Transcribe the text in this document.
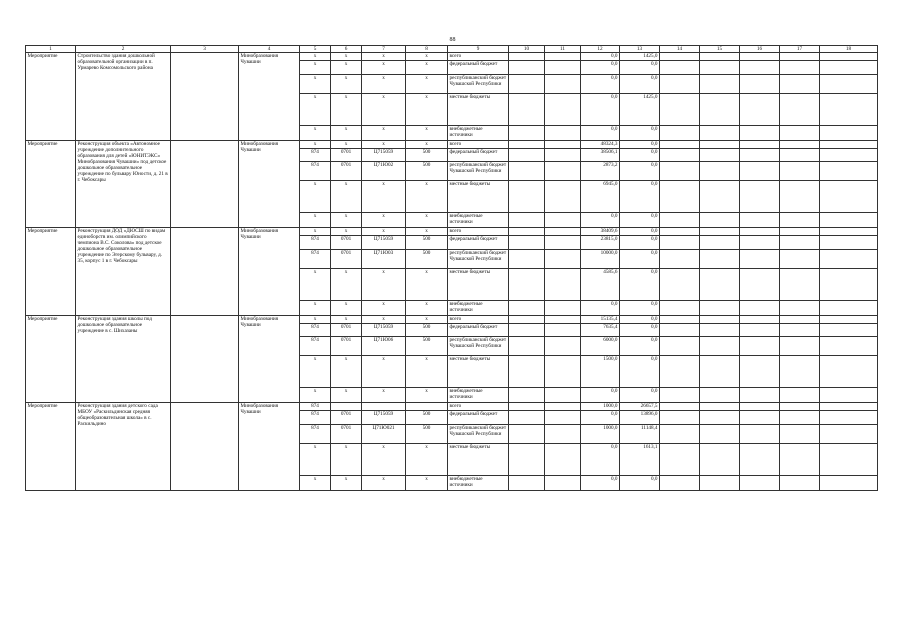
88
1	2	3	4	5	6	7	8	9	10	11	12	13	14	15	16	17	18
Мероприятие	Строительство здания дошкольной образовательной организации в п. Урмарево Комсомольского района		Минобразования Чувашии	x	x	x	x	всего			0,0	1425,0					
				x	x	x	x	федеральный бюджет			0,0	0,0					
				x	x	x	x	республиканский бюджет Чувашской Республики			0,0	0,0					
				x	x	x	x	местные бюджеты			0,0	1425,0					
				x	x	x	x	внебюджетные источники			0,0	0,0					
Мероприятие	Реконструкция объекта «Автономное учреждение дополнительного образования для детей «ЮНИТЭКС» Минобразования Чувашии» под детское дошкольное образовательное учреждение по бульвару Юности, д. 21 в г. Чебоксары		Минобразования Чувашии	x	x	x	x	всего			48324,3	0,0					
				874	0701	Ц715059	500	федеральный бюджет			38506,1	0,0					
				874	0701	Ц71Ю02	500	республиканский бюджет Чувашской Республики			2873,2	0,0					
				x	x	x	x	местные бюджеты			6945,0	0,0					
				x	x	x	x	внебюджетные источники			0,0	0,0					
Мероприятие	Реконструкция ДОД «ДЮСШ по видам единоборств им. олимпийского чемпиона В.С. Соколова» под детское дошкольное образовательное учреждение по Эгерскому бульвару, д. 35, корпус 1 в г. Чебоксары		Минобразования Чувашии	x	x	x	x	всего			38409,6	0,0					
				874	0701	Ц715059	500	федеральный бюджет			23815,0	0,0					
				874	0701	Ц71Ю03	500	республиканский бюджет Чувашской Республики			10000,0	0,0					
				x	x	x	x	местные бюджеты			4585,6	0,0					
				x	x	x	x	внебюджетные источники			0,0	0,0					
Мероприятие	Реконструкция здания школы под дошкольное образовательное учреждение в с. Шихазаны		Минобразования Чувашии	x	x	x	x	всего			15135,4	0,0					
				874	0701	Ц715059	500	федеральный бюджет			7635,4	0,0					
				874	0701	Ц71Ю06	500	республиканский бюджет Чувашской Республики			6000,0	0,0					
				x	x	x	x	местные бюджеты			1500,0	0,0					
				x	x	x	x	внебюджетные источники			0,0	0,0					
Мероприятие	Реконструкция здания детского сада МБОУ «Раскильдинская средняя общеобразовательная школа» в с. Раскильдино		Минобразования Чувашии	874				всего			1000,0	26657,5					
				874	0701	Ц715059	500	федеральный бюджет			0,0	13896,0					
				874	0701	Ц71Ю021	500	республиканский бюджет Чувашской Республики			1000,0	11148,4					
				x	x	x	x	местные бюджеты			0,0	1613,1					
				x	x	x	x	внебюджетные источники			0,0	0,0					
